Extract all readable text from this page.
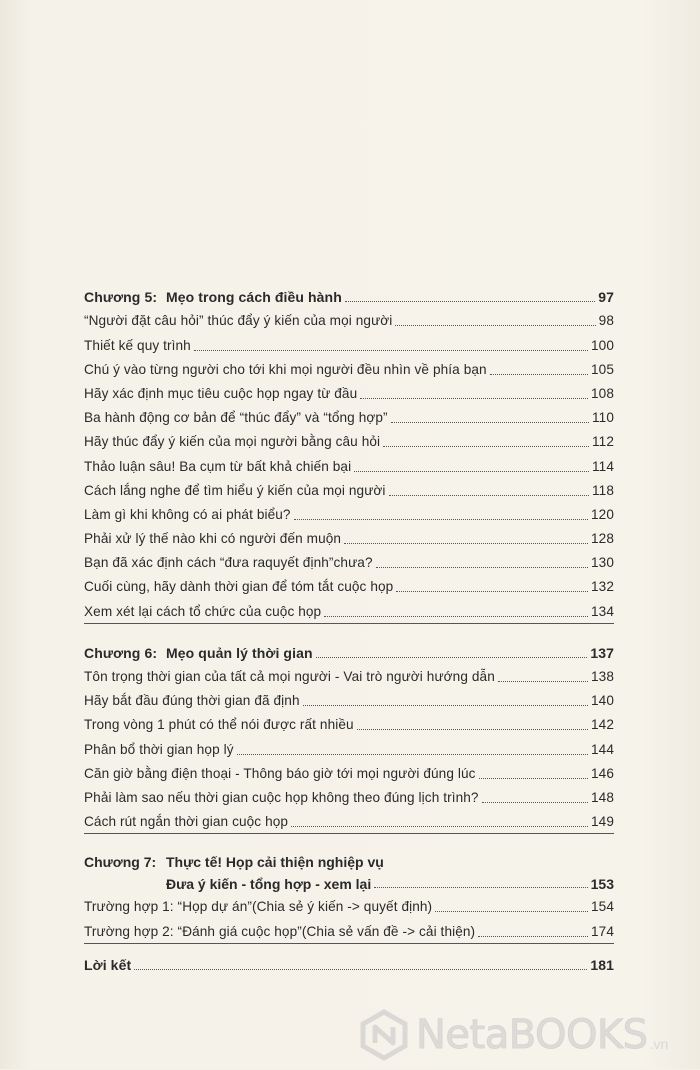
Chương 5: Mẹo trong cách điều hành	97
“Người đặt câu hỏi” thúc đẩy ý kiến của mọi người	98
Thiết kế quy trình	100
Chú ý vào từng người cho tới khi mọi người đều nhìn về phía bạn	105
Hãy xác định mục tiêu cuộc họp ngay từ đầu	108
Ba hành động cơ bản để “thúc đẩy” và “tổng hợp”	110
Hãy thúc đẩy ý kiến của mọi người bằng câu hỏi	112
Thảo luận sâu! Ba cụm từ bất khả chiến bại	114
Cách lắng nghe để tìm hiểu ý kiến của mọi người	118
Làm gì khi không có ai phát biểu?	120
Phải xử lý thế nào khi có người đến muộn	128
Bạn đã xác định cách “đưa raquyết định”chưa?	130
Cuối cùng, hãy dành thời gian để tóm tắt cuộc họp	132
Xem xét lại cách tổ chức của cuộc họp	134
Chương 6: Mẹo quản lý thời gian	137
Tôn trọng thời gian của tất cả mọi người - Vai trò người hướng dẫn	138
Hãy bắt đầu đúng thời gian đã định	140
Trong vòng 1 phút có thể nói được rất nhiều	142
Phân bổ thời gian họp lý	144
Căn giờ bằng điện thoại - Thông báo giờ tới mọi người đúng lúc	146
Phải làm sao nếu thời gian cuộc họp không theo đúng lịch trình?	148
Cách rút ngắn thời gian cuộc họp	149
Chương 7: Thực tế! Họp cải thiện nghiệp vụ
Đưa ý kiến - tổng hợp - xem lại	153
Trường hợp 1: “Họp dự án”(Chia sẻ ý kiến -> quyết định)	154
Trường hợp 2: “Đánh giá cuộc họp”(Chia sẻ vấn đề -> cải thiện)	174
Lời kết	181
NetaBOOKS .vn
